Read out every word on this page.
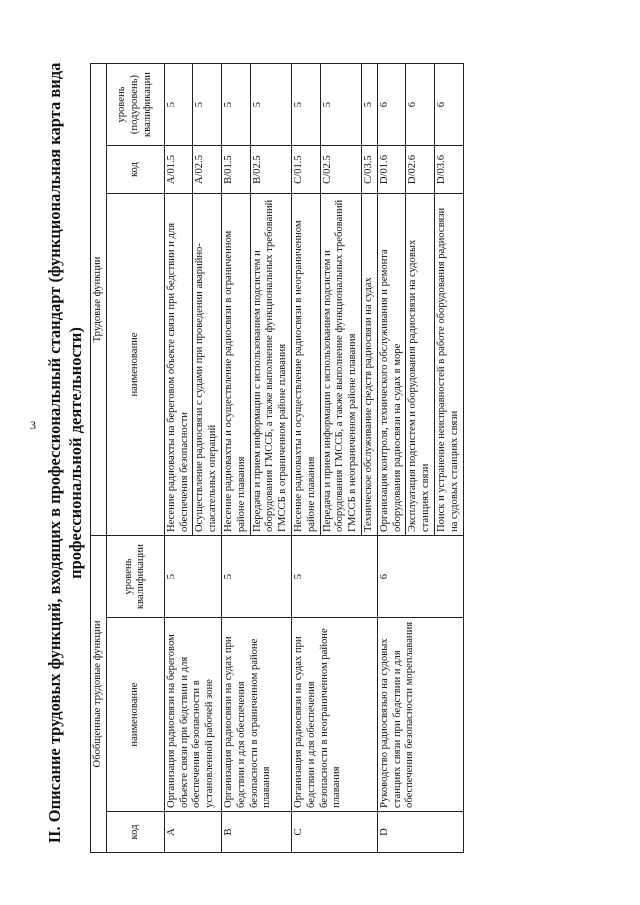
3 II. Описание трудовых функций, входящих в профессиональный стандарт (функциональная карта вида профессиональной деятельности)
Обобщенные трудовые функции			Трудовые функции		
код	наименование	уровень квалификации	наименование	код	уровень (подуровень) квалификации
A	Организация радиосвязи на береговом объекте связи при бедствии и для обеспечения безопасности в установленной рабочей зоне	5	Несение радиовахты на береговом объекте связи при бедствии и для обеспечения безопасности	A/01.5	5
			Осуществление радиосвязи с судами при проведении аварийно-спасательных операций	A/02.5	5
B	Организация радиосвязи на судах при бедствии и для обеспечения безопасности в ограниченном районе плавания	5	Несение радиовахты и осуществление радиосвязи в ограниченном районе плавания	B/01.5	5
			Передача и прием информации с использованием подсистем и оборудования ГМССБ, а также выполнение функциональных требований ГМССБ в ограниченном районе плавания	B/02.5	5
C	Организация радиосвязи на судах при бедствии и для обеспечения безопасности в неограниченном районе плавания	5	Несение радиовахты и осуществление радиосвязи в неограниченном районе плавания	C/01.5	5
			Передача и прием информации с использованием подсистем и оборудования ГМССБ, а также выполнение функциональных требований ГМССБ в неограниченном районе плавания	C/02.5	5
			Техническое обслуживание средств радиосвязи на судах	C/03.5	5
D	Руководство радиосвязью на судовых станциях связи при бедствии и для обеспечения безопасности мореплавания	6	Организация контроля, технического обслуживания и ремонта оборудования радиосвязи на судах в море	D/01.6	6
			Эксплуатация подсистем и оборудования радиосвязи на судовых станциях связи	D/02.6	6
			Поиск и устранение неисправностей в работе оборудования радиосвязи на судовых станциях связи	D/03.6	6
